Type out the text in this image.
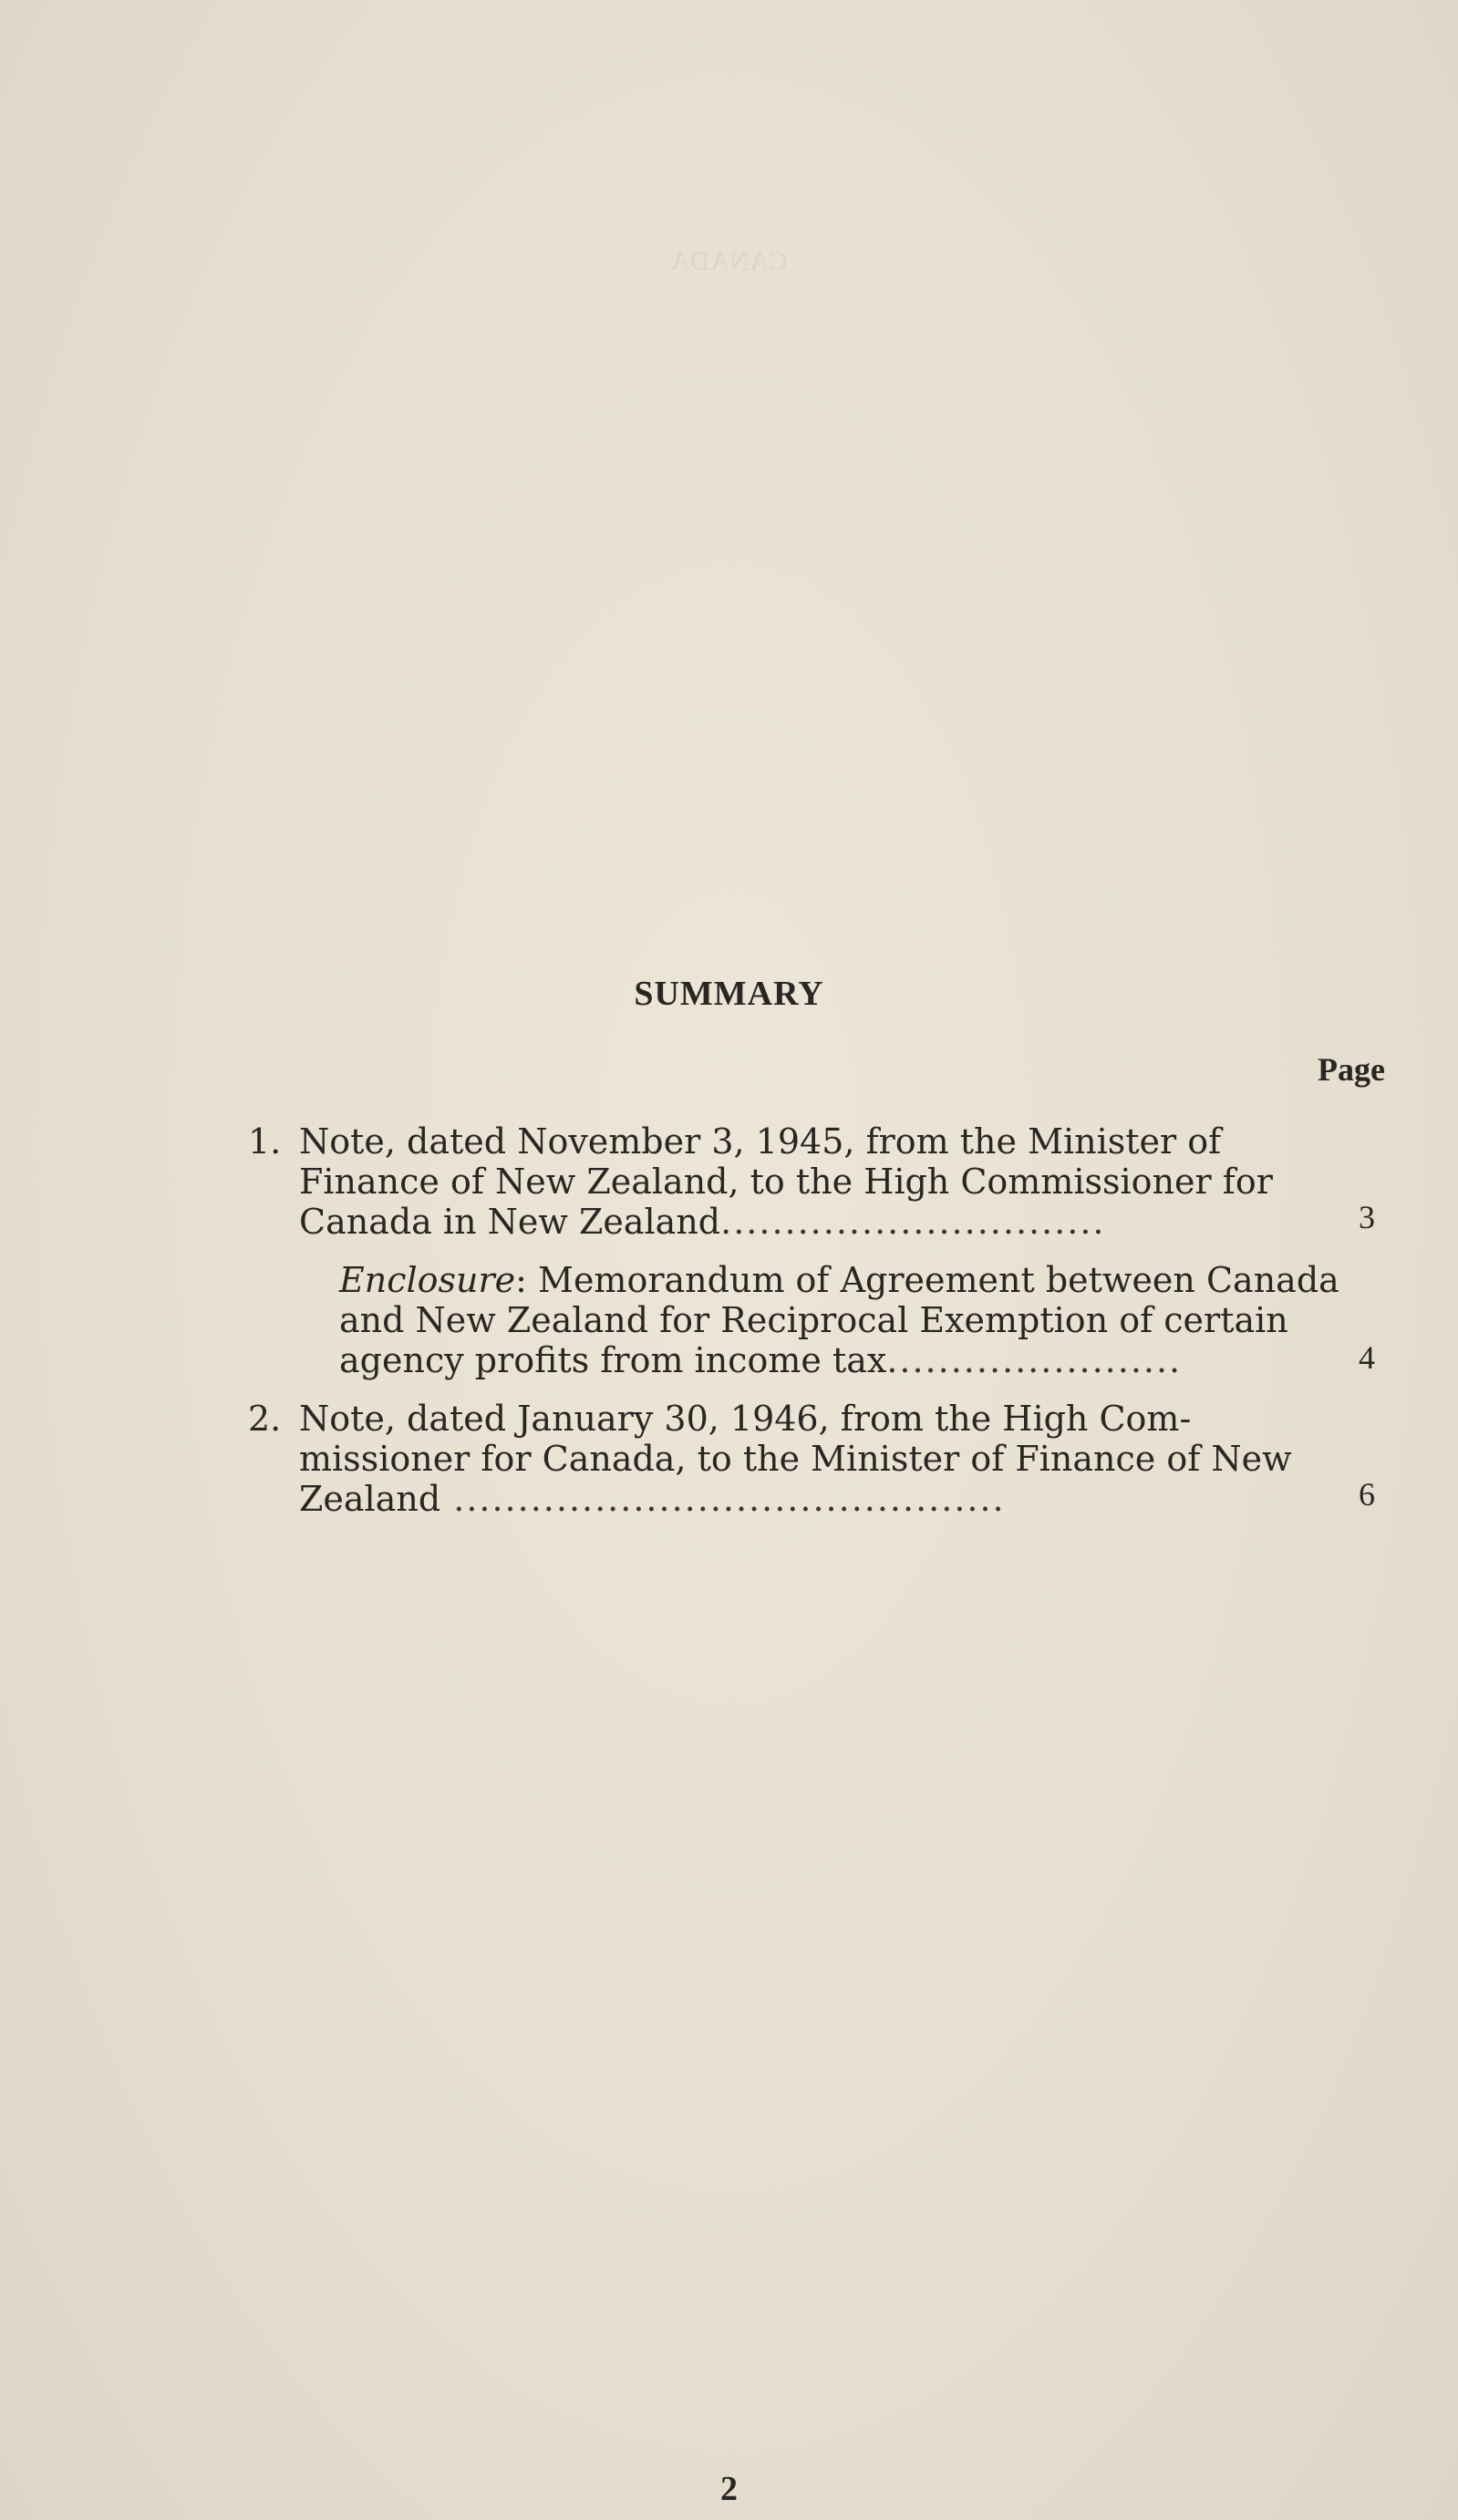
CANADA
SUMMARY
Page
1. Note, dated November 3, 1945, from the Minister of
Finance of New Zealand, to the High Commissioner for
Canada in New Zealand..............................	3
Enclosure: Memorandum of Agreement between Canada
and New Zealand for Reciprocal Exemption of certain
agency profits from income tax.......................	4
2. Note, dated January 30, 1946, from the High Com-
missioner for Canada, to the Minister of Finance of New
Zealand ...........................................	6
2
